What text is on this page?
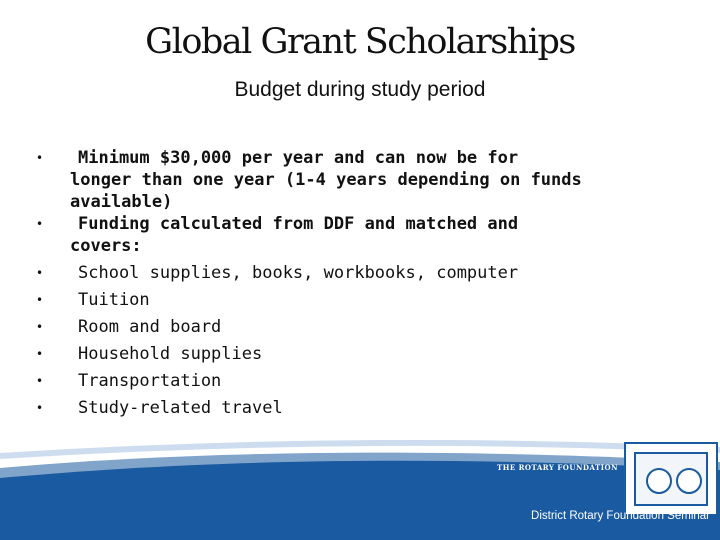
Global Grant Scholarships
Budget during study period
• Minimum $30,000 per year and can now be for
longer than one year (1-4 years depending on funds
available)
• Funding calculated from DDF and matched and
covers:
• School supplies, books, workbooks, computer
• Tuition
• Room and board
• Household supplies
• Transportation
• Study-related travel
THE ROTARY FOUNDATION
District Rotary Foundation Seminar
